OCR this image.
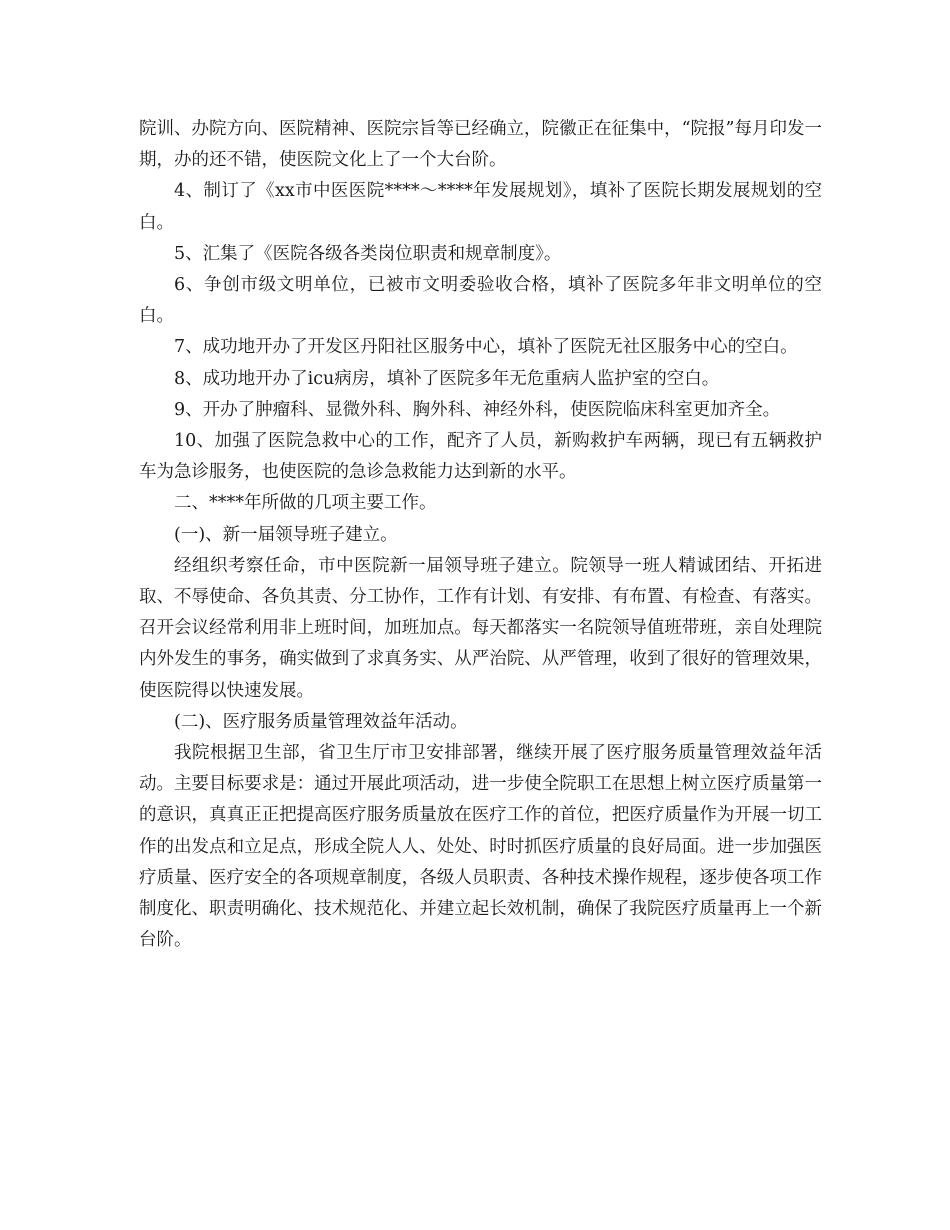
院训、办院方向、医院精神、医院宗旨等已经确立，院徽正在征集中，“院报”每月印发一期，办的还不错，使医院文化上了一个大台阶。

4、制订了《xx市中医医院****～****年发展规划》，填补了医院长期发展规划的空白。

5、汇集了《医院各级各类岗位职责和规章制度》。

6、争创市级文明单位，已被市文明委验收合格，填补了医院多年非文明单位的空白。

7、成功地开办了开发区丹阳社区服务中心，填补了医院无社区服务中心的空白。

8、成功地开办了icu病房，填补了医院多年无危重病人监护室的空白。

9、开办了肿瘤科、显微外科、胸外科、神经外科，使医院临床科室更加齐全。

10、加强了医院急救中心的工作，配齐了人员，新购救护车两辆，现已有五辆救护车为急诊服务，也使医院的急诊急救能力达到新的水平。

二、****年所做的几项主要工作。

(一)、新一届领导班子建立。

经组织考察任命，市中医院新一届领导班子建立。院领导一班人精诚团结、开拓进取、不辱使命、各负其责、分工协作，工作有计划、有安排、有布置、有检查、有落实。召开会议经常利用非上班时间，加班加点。每天都落实一名院领导值班带班，亲自处理院内外发生的事务，确实做到了求真务实、从严治院、从严管理，收到了很好的管理效果，使医院得以快速发展。

(二)、医疗服务质量管理效益年活动。

我院根据卫生部，省卫生厅市卫安排部署，继续开展了医疗服务质量管理效益年活动。主要目标要求是：通过开展此项活动，进一步使全院职工在思想上树立医疗质量第一的意识，真真正正把提高医疗服务质量放在医疗工作的首位，把医疗质量作为开展一切工作的出发点和立足点，形成全院人人、处处、时时抓医疗质量的良好局面。进一步加强医疗质量、医疗安全的各项规章制度，各级人员职责、各种技术操作规程，逐步使各项工作制度化、职责明确化、技术规范化、并建立起长效机制，确保了我院医疗质量再上一个新台阶。
